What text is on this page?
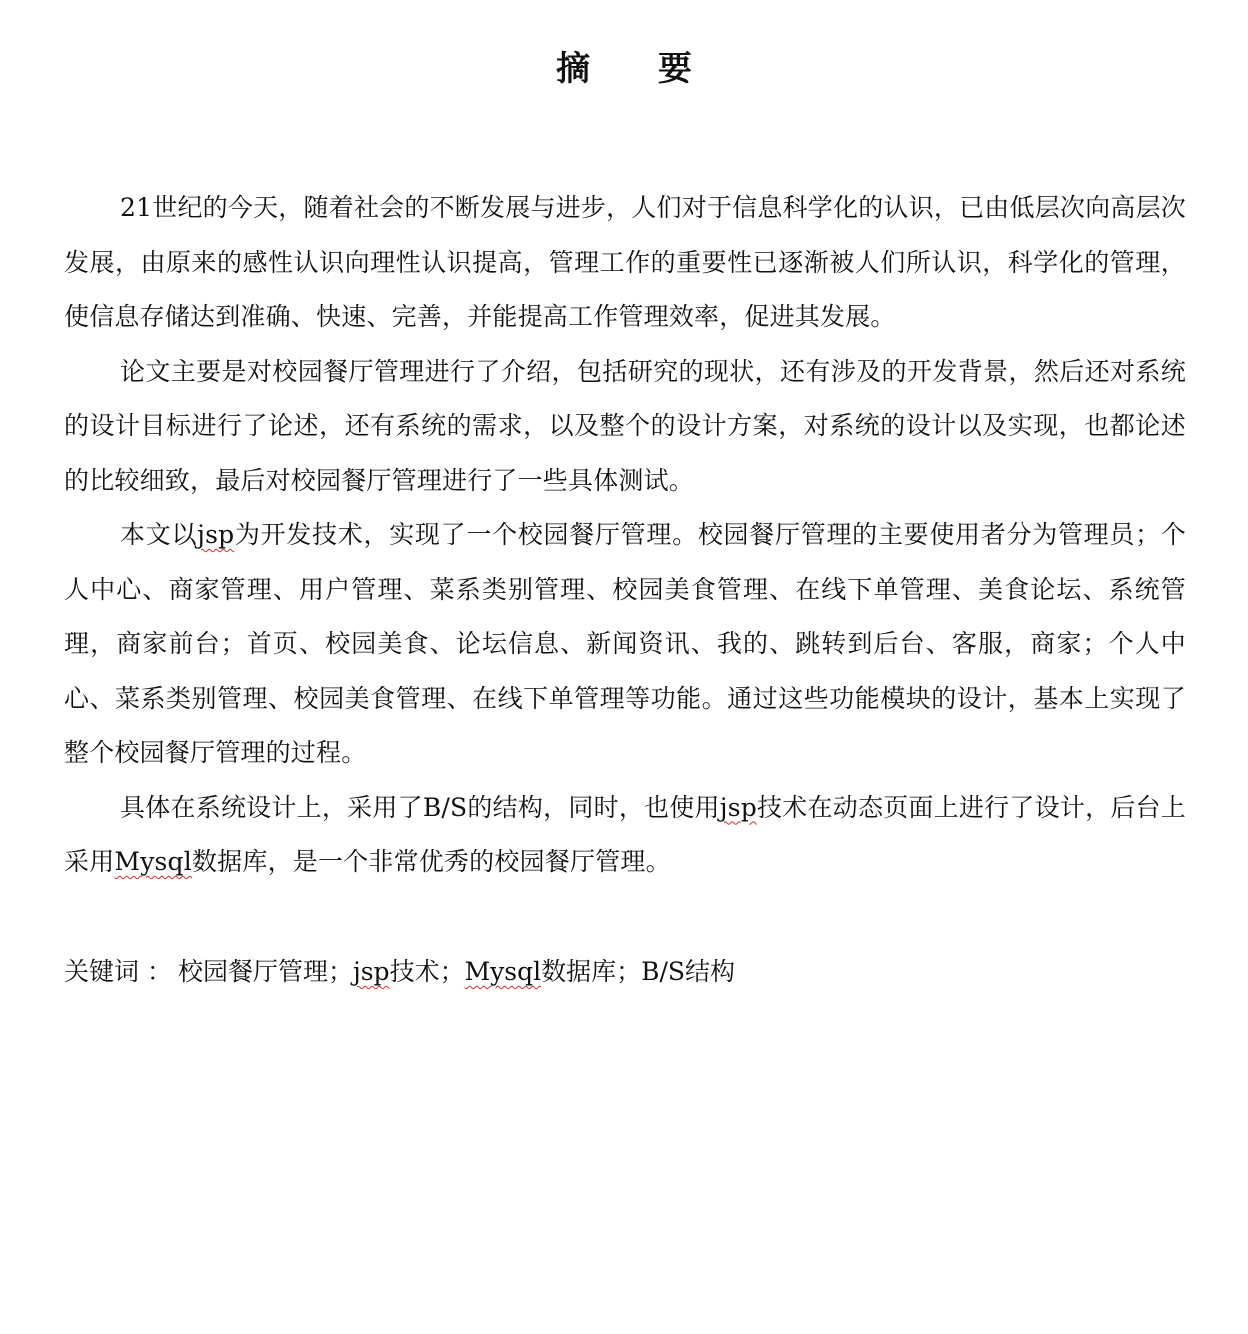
摘 要

21世纪的今天，随着社会的不断发展与进步，人们对于信息科学化的认识，已由低层次向高层次发展，由原来的感性认识向理性认识提高，管理工作的重要性已逐渐被人们所认识，科学化的管理，使信息存储达到准确、快速、完善，并能提高工作管理效率，促进其发展。

论文主要是对校园餐厅管理进行了介绍，包括研究的现状，还有涉及的开发背景，然后还对系统的设计目标进行了论述，还有系统的需求，以及整个的设计方案，对系统的设计以及实现，也都论述的比较细致，最后对校园餐厅管理进行了一些具体测试。

本文以jsp为开发技术，实现了一个校园餐厅管理。校园餐厅管理的主要使用者分为管理员；个人中心、商家管理、用户管理、菜系类别管理、校园美食管理、在线下单管理、美食论坛、系统管理，商家前台；首页、校园美食、论坛信息、新闻资讯、我的、跳转到后台、客服，商家；个人中心、菜系类别管理、校园美食管理、在线下单管理等功能。通过这些功能模块的设计，基本上实现了整个校园餐厅管理的过程。

具体在系统设计上，采用了B/S的结构，同时，也使用jsp技术在动态页面上进行了设计，后台上采用Mysql数据库，是一个非常优秀的校园餐厅管理。

关键词 ： 校园餐厅管理；jsp技术；Mysql数据库；B/S结构
